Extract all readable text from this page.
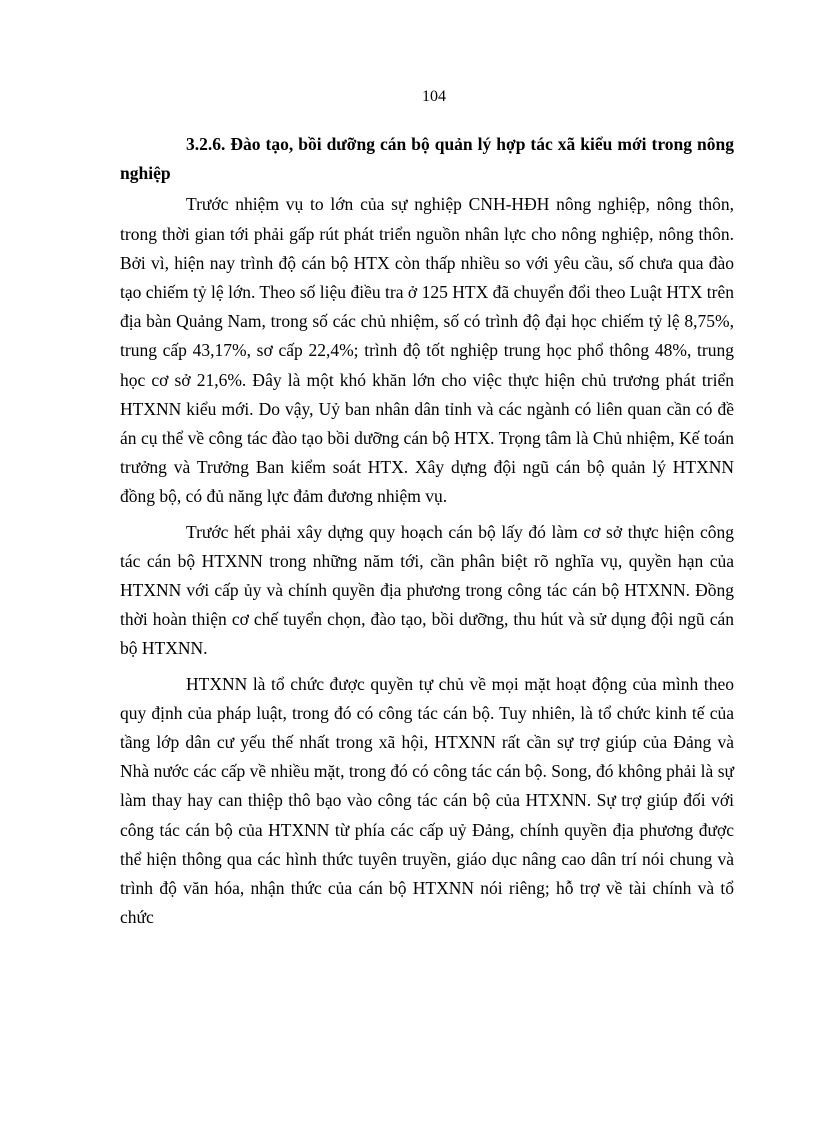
104

3.2.6. Đào tạo, bồi dưỡng cán bộ quản lý hợp tác xã kiểu mới trong nông nghiệp

Trước nhiệm vụ to lớn của sự nghiệp CNH-HĐH nông nghiệp, nông thôn, trong thời gian tới phải gấp rút phát triển nguồn nhân lực cho nông nghiệp, nông thôn. Bởi vì, hiện nay trình độ cán bộ HTX còn thấp nhiều so với yêu cầu, số chưa qua đào tạo chiếm tỷ lệ lớn. Theo số liệu điều tra ở 125 HTX đã chuyển đổi theo Luật HTX trên địa bàn Quảng Nam, trong số các chủ nhiệm, số có trình độ đại học chiếm tỷ lệ 8,75%, trung cấp 43,17%, sơ cấp 22,4%; trình độ tốt nghiệp trung học phổ thông 48%, trung học cơ sở 21,6%. Đây là một khó khăn lớn cho việc thực hiện chủ trương phát triển HTXNN kiểu mới. Do vậy, Uỷ ban nhân dân tỉnh và các ngành có liên quan cần có đề án cụ thể về công tác đào tạo bồi dưỡng cán bộ HTX. Trọng tâm là Chủ nhiệm, Kế toán trưởng và Trưởng Ban kiểm soát HTX. Xây dựng đội ngũ cán bộ quản lý HTXNN đồng bộ, có đủ năng lực đảm đương nhiệm vụ.

Trước hết phải xây dựng quy hoạch cán bộ lấy đó làm cơ sở thực hiện công tác cán bộ HTXNN trong những năm tới, cần phân biệt rõ nghĩa vụ, quyền hạn của HTXNN với cấp ủy và chính quyền địa phương trong công tác cán bộ HTXNN. Đồng thời hoàn thiện cơ chế tuyển chọn, đào tạo, bồi dưỡng, thu hút và sử dụng đội ngũ cán bộ HTXNN.

HTXNN là tổ chức được quyền tự chủ về mọi mặt hoạt động của mình theo quy định của pháp luật, trong đó có công tác cán bộ. Tuy nhiên, là tổ chức kinh tế của tầng lớp dân cư yếu thế nhất trong xã hội, HTXNN rất cần sự trợ giúp của Đảng và Nhà nước các cấp về nhiều mặt, trong đó có công tác cán bộ. Song, đó không phải là sự làm thay hay can thiệp thô bạo vào công tác cán bộ của HTXNN. Sự trợ giúp đối với công tác cán bộ của HTXNN từ phía các cấp uỷ Đảng, chính quyền địa phương được thể hiện thông qua các hình thức tuyên truyền, giáo dục nâng cao dân trí nói chung và trình độ văn hóa, nhận thức của cán bộ HTXNN nói riêng; hỗ trợ về tài chính và tổ chức
